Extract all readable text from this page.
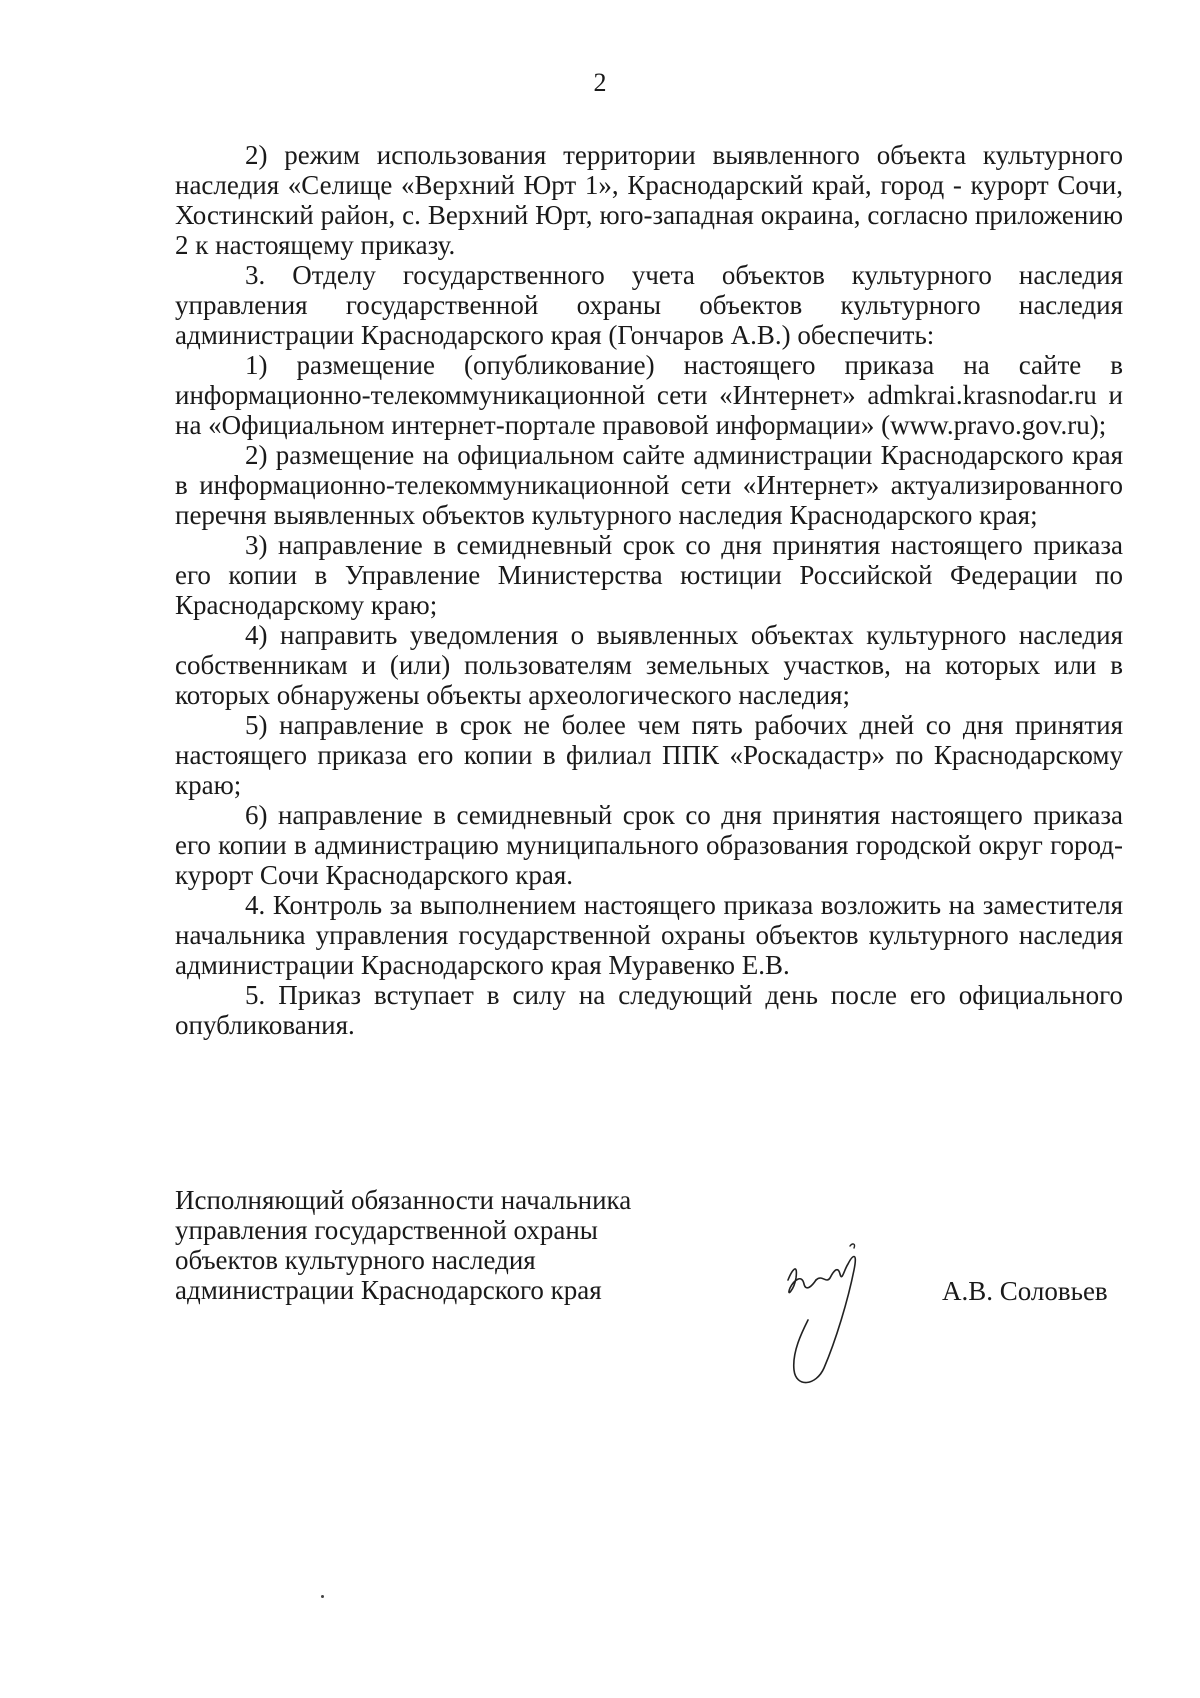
2

2) режим использования территории выявленного объекта культурного наследия «Селище «Верхний Юрт 1», Краснодарский край, город - курорт Сочи, Хостинский район, с. Верхний Юрт, юго-западная окраина, согласно приложению 2 к настоящему приказу.

3. Отделу государственного учета объектов культурного наследия управления государственной охраны объектов культурного наследия администрации Краснодарского края (Гончаров А.В.) обеспечить:

1) размещение (опубликование) настоящего приказа на сайте в информационно-телекоммуникационной сети «Интернет» admkrai.krasnodar.ru и на «Официальном интернет-портале правовой информации» (www.pravo.gov.ru);

2) размещение на официальном сайте администрации Краснодарского края в информационно-телекоммуникационной сети «Интернет» актуализированного перечня выявленных объектов культурного наследия Краснодарского края;

3) направление в семидневный срок со дня принятия настоящего приказа его копии в Управление Министерства юстиции Российской Федерации по Краснодарскому краю;

4) направить уведомления о выявленных объектах культурного наследия собственникам и (или) пользователям земельных участков, на которых или в которых обнаружены объекты археологического наследия;

5) направление в срок не более чем пять рабочих дней со дня принятия настоящего приказа его копии в филиал ППК «Роскадастр» по Краснодарскому краю;

6) направление в семидневный срок со дня принятия настоящего приказа его копии в администрацию муниципального образования городской округ город-курорт Сочи Краснодарского края.

4. Контроль за выполнением настоящего приказа возложить на заместителя начальника управления государственной охраны объектов культурного наследия администрации Краснодарского края Муравенко Е.В.

5. Приказ вступает в силу на следующий день после его официального опубликования.

Исполняющий обязанности начальника
управления государственной охраны
объектов культурного наследия
администрации Краснодарского края	А.В. Соловьев
